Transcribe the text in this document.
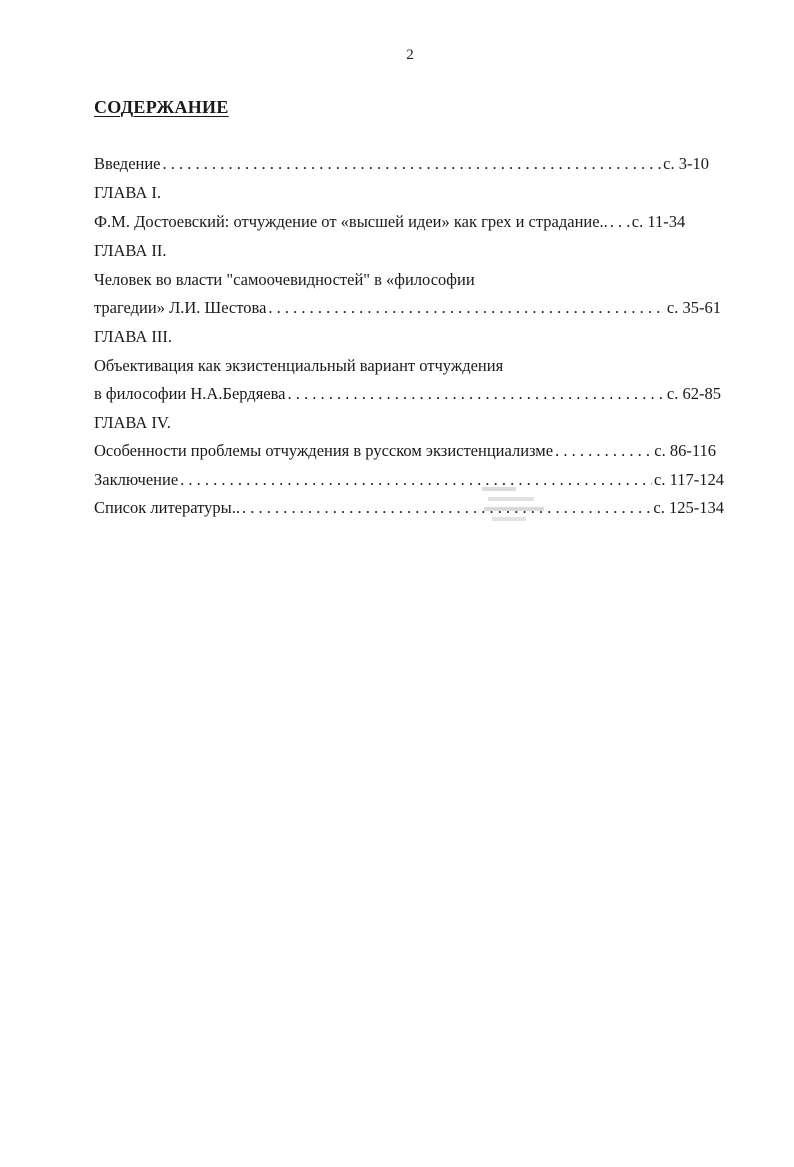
2
СОДЕРЖАНИЕ
Введение . . .	с. 3-10
ГЛАВА I.
Ф.М. Достоевский: отчуждение от «высшей идеи» как грех и страдание.. . . . с. 11-34
ГЛАВА II.
Человек во власти "самоочевидностей" в «философии
трагедии» Л.И. Шестова . . .	с. 35-61
ГЛАВА III.
Объективация как экзистенциальный вариант отчуждения
в философии Н.А.Бердяева . . .	с. 62-85
ГЛАВА IV.
Особенности проблемы отчуждения в русском экзистенциализме . . .	с. 86-116
Заключение . . .	с. 117-124
Список литературы.. . . .	с. 125-134
